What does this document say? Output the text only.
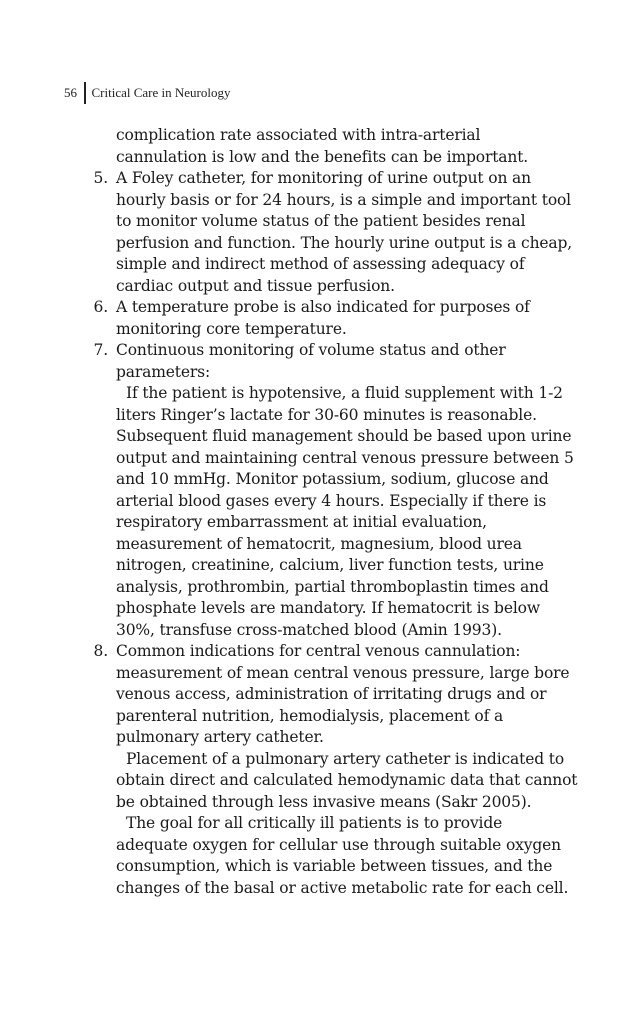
56 Critical Care in Neurology
complication rate associated with intra-arterial
cannulation is low and the benefits can be important.
5. A Foley catheter, for monitoring of urine output on an
hourly basis or for 24 hours, is a simple and important tool
to monitor volume status of the patient besides renal
perfusion and function. The hourly urine output is a cheap,
simple and indirect method of assessing adequacy of
cardiac output and tissue perfusion.
6. A temperature probe is also indicated for purposes of
monitoring core temperature.
7. Continuous monitoring of volume status and other
parameters:
If the patient is hypotensive, a fluid supplement with 1-2
liters Ringer’s lactate for 30-60 minutes is reasonable.
Subsequent fluid management should be based upon urine
output and maintaining central venous pressure between 5
and 10 mmHg. Monitor potassium, sodium, glucose and
arterial blood gases every 4 hours. Especially if there is
respiratory embarrassment at initial evaluation,
measurement of hematocrit, magnesium, blood urea
nitrogen, creatinine, calcium, liver function tests, urine
analysis, prothrombin, partial thromboplastin times and
phosphate levels are mandatory. If hematocrit is below
30%, transfuse cross-matched blood (Amin 1993).
8. Common indications for central venous cannulation:
measurement of mean central venous pressure, large bore
venous access, administration of irritating drugs and or
parenteral nutrition, hemodialysis, placement of a
pulmonary artery catheter.
Placement of a pulmonary artery catheter is indicated to
obtain direct and calculated hemodynamic data that cannot
be obtained through less invasive means (Sakr 2005).
The goal for all critically ill patients is to provide
adequate oxygen for cellular use through suitable oxygen
consumption, which is variable between tissues, and the
changes of the basal or active metabolic rate for each cell.
